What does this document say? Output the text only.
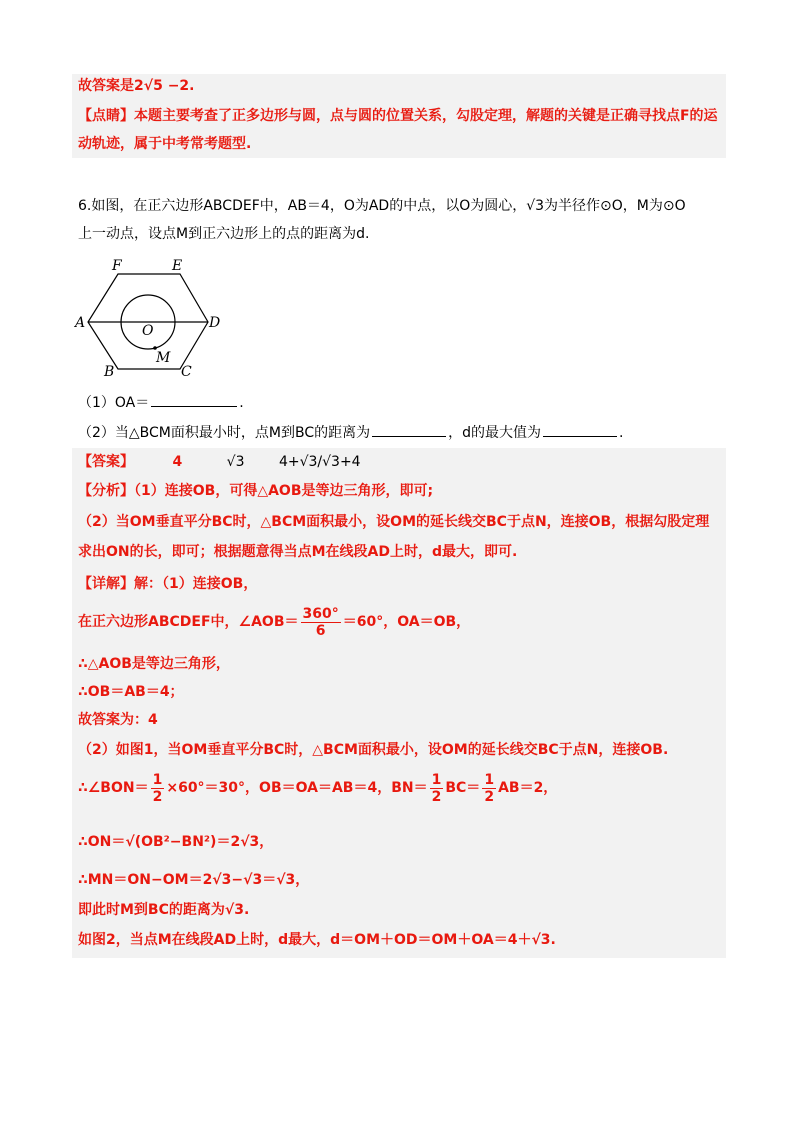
故答案是2√5 −2.
【点睛】本题主要考查了正多边形与圆，点与圆的位置关系，勾股定理，解题的关键是正确寻找点F的运
动轨迹，属于中考常考题型.
6.如图，在正六边形ABCDEF中，AB＝4，O为AD的中点，以O为圆心，√3为半径作⊙O，M为⊙O
上一动点，设点M到正六边形上的点的距离为d.
F	E
A	D
O
M
B	C
（1）OA＝	.
（2）当△BCM面积最小时，点M到BC的距离为	，d的最大值为	.
【答案】	4	√3 4+√3/√3+4
【分析】（1）连接OB，可得△AOB是等边三角形，即可;
（2）当OM垂直平分BC时，△BCM面积最小，设OM的延长线交BC于点N，连接OB，根据勾股定理
求出ON的长，即可；根据题意得当点M在线段AD上时，d最大，即可.
【详解】解：（1）连接OB，
在正六边形ABCDEF中，∠AOB＝ $\frac{360^\circ}{6} =60^\circ$，OA＝OB，
∴△AOB是等边三角形，
∴OB＝AB＝4；
故答案为：4
（2）如图1，当OM垂直平分BC时，△BCM面积最小，设OM的延长线交BC于点N，连接OB.
∴∠BON＝ $\frac{1}{2} \times 60^\circ=30^\circ$，OB＝OA＝AB＝4，$BN= \frac{1}{2} BC= \frac{1}{2} AB=2$，
∴ON＝√(OB²−BN²)＝2√3，
∴MN＝ON−OM＝2√3−√3＝√3，
即此时M到BC的距离为√3.
如图2，当点M在线段AD上时，d最大，d＝OM＋OD＝OM＋OA＝4＋√3.
